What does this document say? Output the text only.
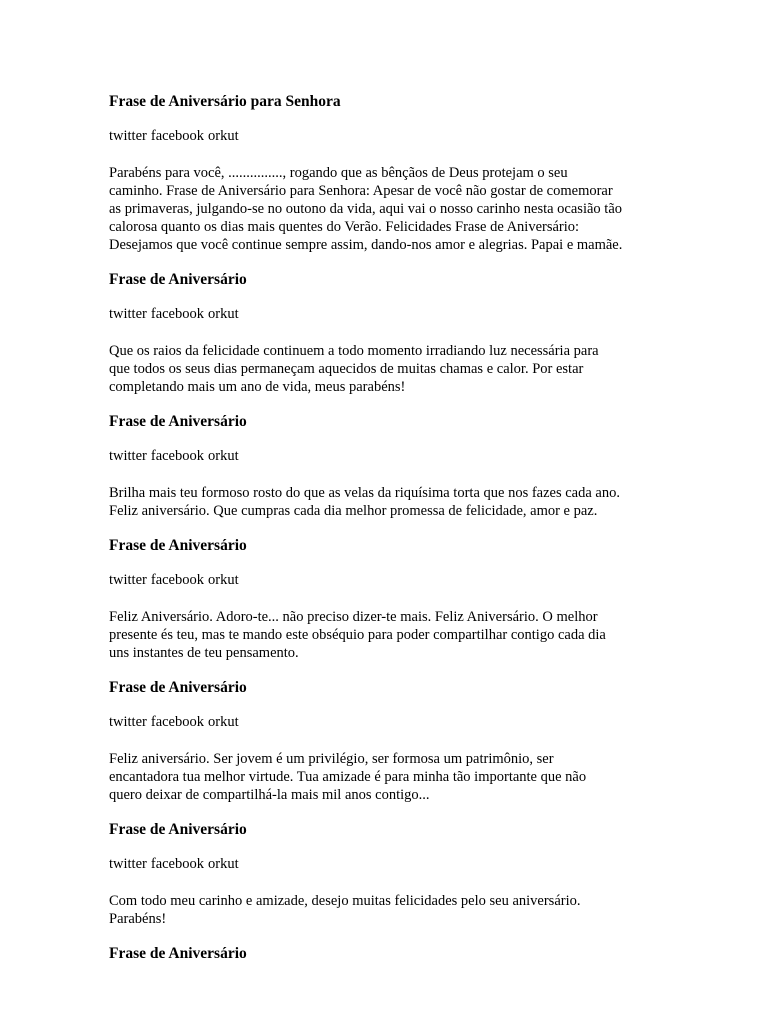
Frase de Aniversário para Senhora
twitter facebook orkut
Parabéns para você, ..............., rogando que as bênçãos de Deus protejam o seu
caminho. Frase de Aniversário para Senhora: Apesar de você não gostar de comemorar
as primaveras, julgando-se no outono da vida, aqui vai o nosso carinho nesta ocasião tão
calorosa quanto os dias mais quentes do Verão. Felicidades Frase de Aniversário:
Desejamos que você continue sempre assim, dando-nos amor e alegrias. Papai e mamãe.
Frase de Aniversário
twitter facebook orkut
Que os raios da felicidade continuem a todo momento irradiando luz necessária para
que todos os seus dias permaneçam aquecidos de muitas chamas e calor. Por estar
completando mais um ano de vida, meus parabéns!
Frase de Aniversário
twitter facebook orkut
Brilha mais teu formoso rosto do que as velas da riquísima torta que nos fazes cada ano.
Feliz aniversário. Que cumpras cada dia melhor promessa de felicidade, amor e paz.
Frase de Aniversário
twitter facebook orkut
Feliz Aniversário. Adoro-te... não preciso dizer-te mais. Feliz Aniversário. O melhor
presente és teu, mas te mando este obséquio para poder compartilhar contigo cada dia
uns instantes de teu pensamento.
Frase de Aniversário
twitter facebook orkut
Feliz aniversário. Ser jovem é um privilégio, ser formosa um patrimônio, ser
encantadora tua melhor virtude. Tua amizade é para minha tão importante que não
quero deixar de compartilhá-la mais mil anos contigo...
Frase de Aniversário
twitter facebook orkut
Com todo meu carinho e amizade, desejo muitas felicidades pelo seu aniversário.
Parabéns!
Frase de Aniversário
